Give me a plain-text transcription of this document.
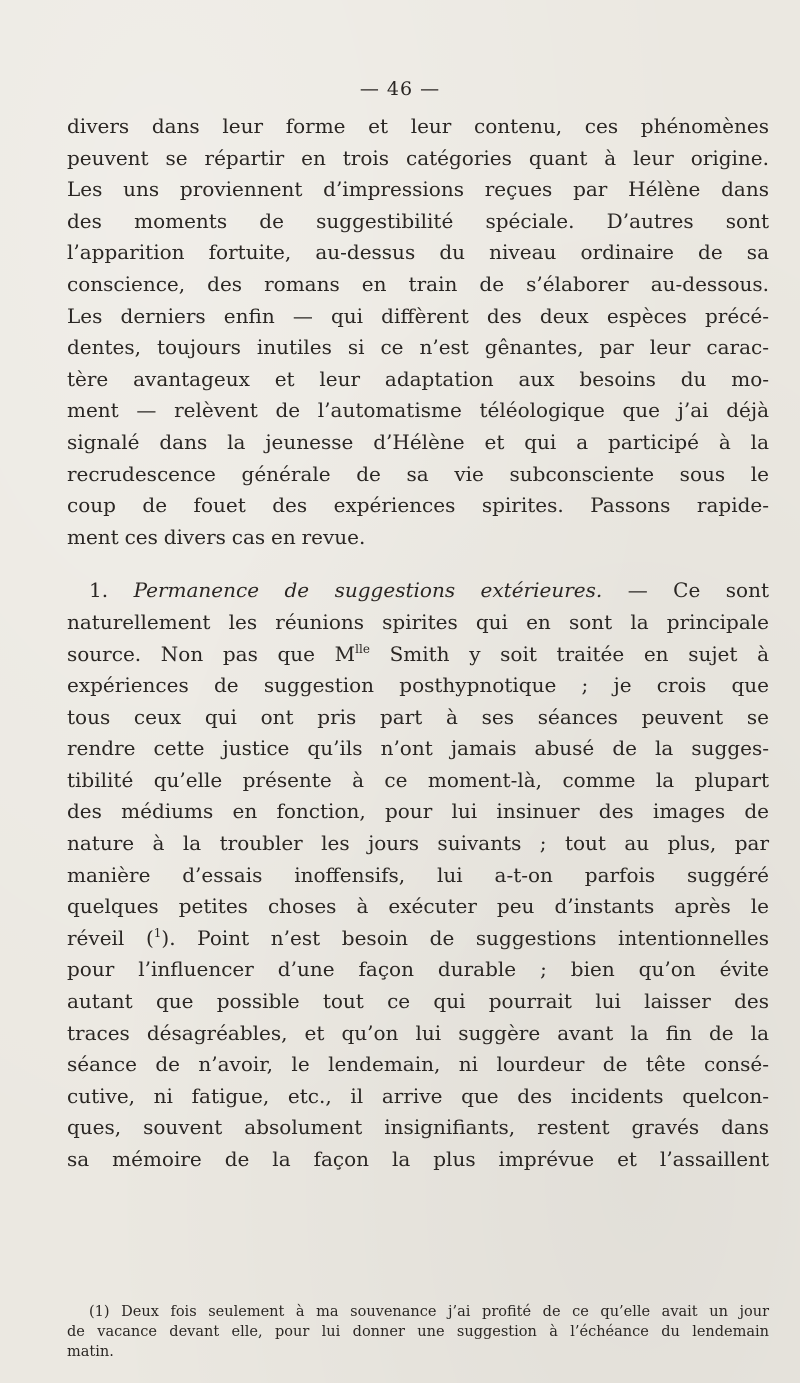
— 46 —

divers dans leur forme et leur contenu, ces phénomènes
peuvent se répartir en trois catégories quant à leur origine.
Les uns proviennent d’impressions reçues par Hélène dans
des moments de suggestibilité spéciale. D’autres sont
l’apparition fortuite, au-dessus du niveau ordinaire de sa
conscience, des romans en train de s’élaborer au-dessous.
Les derniers enfin — qui diffèrent des deux espèces précé-
dentes, toujours inutiles si ce n’est gênantes, par leur carac-
tère avantageux et leur adaptation aux besoins du mo-
ment — relèvent de l’automatisme téléologique que j’ai déjà
signalé dans la jeunesse d’Hélène et qui a participé à la
recrudescence générale de sa vie subconsciente sous le
coup de fouet des expériences spirites. Passons rapide-
ment ces divers cas en revue.

1. Permanence de suggestions extérieures. — Ce sont
naturellement les réunions spirites qui en sont la principale
source. Non pas que $M^{lle}$ Smith y soit traitée en sujet à
expériences de suggestion posthypnotique ; je crois que
tous ceux qui ont pris part à ses séances peuvent se
rendre cette justice qu’ils n’ont jamais abusé de la sugges-
tibilité qu’elle présente à ce moment-là, comme la plupart
des médiums en fonction, pour lui insinuer des images de
nature à la troubler les jours suivants ; tout au plus, par
manière d’essais inoffensifs, lui a-t-on parfois suggéré
quelques petites choses à exécuter peu d’instants après le
réveil ($^1$). Point n’est besoin de suggestions intentionnelles
pour l’influencer d’une façon durable ; bien qu’on évite
autant que possible tout ce qui pourrait lui laisser des
traces désagréables, et qu’on lui suggère avant la fin de la
séance de n’avoir, le lendemain, ni lourdeur de tête consé-
cutive, ni fatigue, etc., il arrive que des incidents quelcon-
ques, souvent absolument insignifiants, restent gravés dans
sa mémoire de la façon la plus imprévue et l’assaillent

(1) Deux fois seulement à ma souvenance j’ai profité de ce qu’elle avait un jour
de vacance devant elle, pour lui donner une suggestion à l’échéance du lendemain
matin.
